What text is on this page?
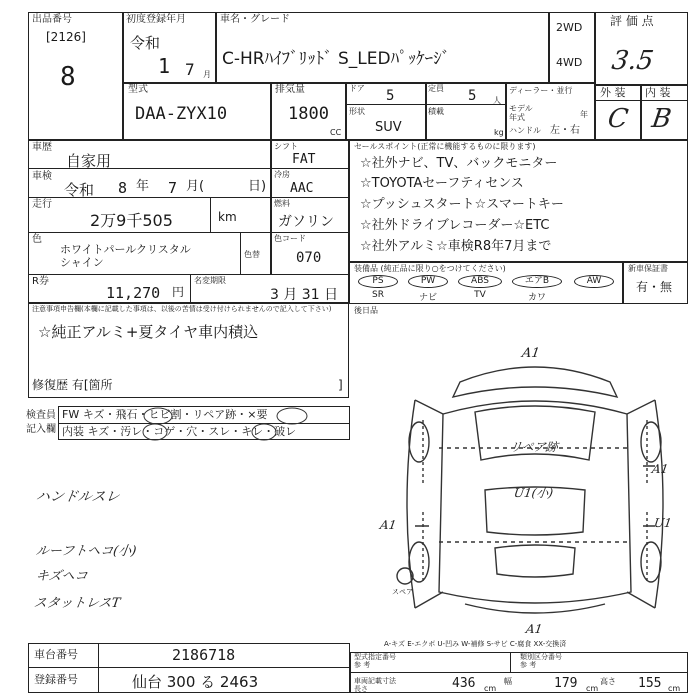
出品番号
[2126]
8
初度登録年月
令和
1 7 月
車名・グレード
C-HRﾊｲﾌﾞﾘｯﾄﾞ S_LEDﾊﾟｯｹｰｼﾞ
2WD
4WD
評 価 点
3.5
外 装 内 装
C B
型式
DAA-ZYX10
排気量
1800
CC
ドア 5	定員 5 人
形状
SUV
積載
kg
ディーラー・並行
モデル年式	年
ハンドル 左・右
車歴
自家用
車検
令和 8 年 7 月(	日)
走行
2万9千505	km
色
ホワイトパールクリスタル
シャイン
色替
シフト
FAT
冷房
AAC
燃料
ガソリン
色コード
070
R券
11,270 円
名変期限
3 月 31 日
セールスポイント(正常に機能するものに限ります)
☆社外ナビ、TV、バックモニター
☆TOYOTAセーフティセンス
☆プッシュスタート☆スマートキー
☆社外ドライブレコーダー☆ETC
☆社外アルミ☆車検R8年7月まで
装備品 (純正品に限り○をつけてください)	新車保証書
有・無
PS	PW	ABS	エアB	AW
SR	ナビ	TV	カワ
注意事項申告欄(本欄に記載した事項は、以後の苦情は受け付けられませんので記入して下さい)
☆純正アルミ+夏タイヤ車内積込
修復歴 有[箇所	]
後日品
検査員
記入欄
FW キズ・飛石・ヒビ割・リペア跡・×要
内装 キズ・汚レ・コゲ・穴・スレ・キレ・破レ
ハンドルスレ
ルーフトヘコ(小)
キズヘコ
スタットレスT
A1
リペア跡
U1(小)
A1
U1
A1
A1
スペア
A-キズ E-エクボ U-凹み W-補修 S-サビ C-腐食 XX-交換済
車台番号	2186718
登録番号	仙台 300 る 2463
型式指定番号
参 考
類別区分番号
参 考
車両記載寸法
長さ	436 cm
幅	179 cm
高さ 155 cm
